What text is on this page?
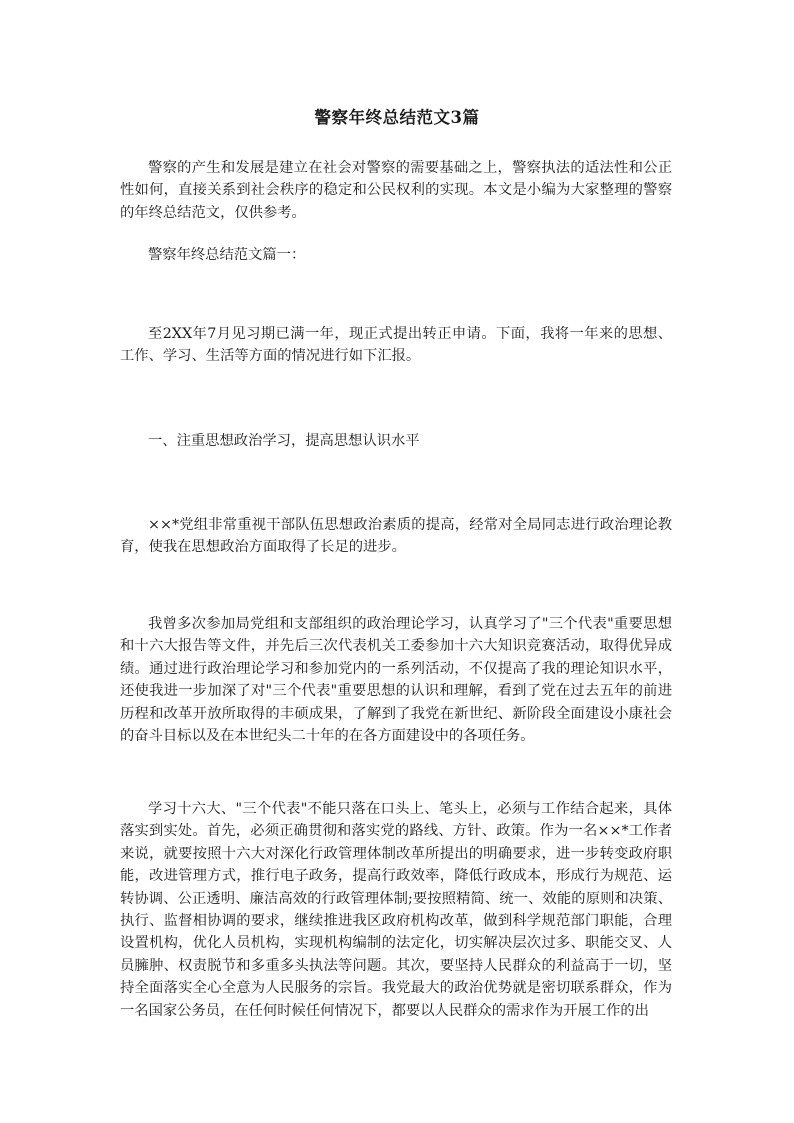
警察年终总结范文3篇

警察的产生和发展是建立在社会对警察的需要基础之上，警察执法的适法性和公正性如何，直接关系到社会秩序的稳定和公民权利的实现。本文是小编为大家整理的警察的年终总结范文，仅供参考。

警察年终总结范文篇一：

至2XX年7月见习期已满一年，现正式提出转正申请。下面，我将一年来的思想、工作、学习、生活等方面的情况进行如下汇报。

一、注重思想政治学习，提高思想认识水平

××*党组非常重视干部队伍思想政治素质的提高，经常对全局同志进行政治理论教育，使我在思想政治方面取得了长足的进步。

我曾多次参加局党组和支部组织的政治理论学习，认真学习了"三个代表"重要思想和十六大报告等文件，并先后三次代表机关工委参加十六大知识竞赛活动，取得优异成绩。通过进行政治理论学习和参加党内的一系列活动，不仅提高了我的理论知识水平，还使我进一步加深了对"三个代表"重要思想的认识和理解，看到了党在过去五年的前进历程和改革开放所取得的丰硕成果，了解到了我党在新世纪、新阶段全面建设小康社会的奋斗目标以及在本世纪头二十年的在各方面建设中的各项任务。

学习十六大、"三个代表"不能只落在口头上、笔头上，必须与工作结合起来，具体落实到实处。首先，必须正确贯彻和落实党的路线、方针、政策。作为一名××*工作者来说，就要按照十六大对深化行政管理体制改革所提出的明确要求，进一步转变政府职能，改进管理方式，推行电子政务，提高行政效率，降低行政成本，形成行为规范、运转协调、公正透明、廉洁高效的行政管理体制;要按照精简、统一、效能的原则和决策、执行、监督相协调的要求，继续推进我区政府机构改革，做到科学规范部门职能，合理设置机构，优化人员机构，实现机构编制的法定化，切实解决层次过多、职能交叉、人员臃肿、权责脱节和多重多头执法等问题。其次，要坚持人民群众的利益高于一切，坚持全面落实全心全意为人民服务的宗旨。我党最大的政治优势就是密切联系群众，作为一名国家公务员，在任何时候任何情况下，都要以人民群众的需求作为开展工作的出
